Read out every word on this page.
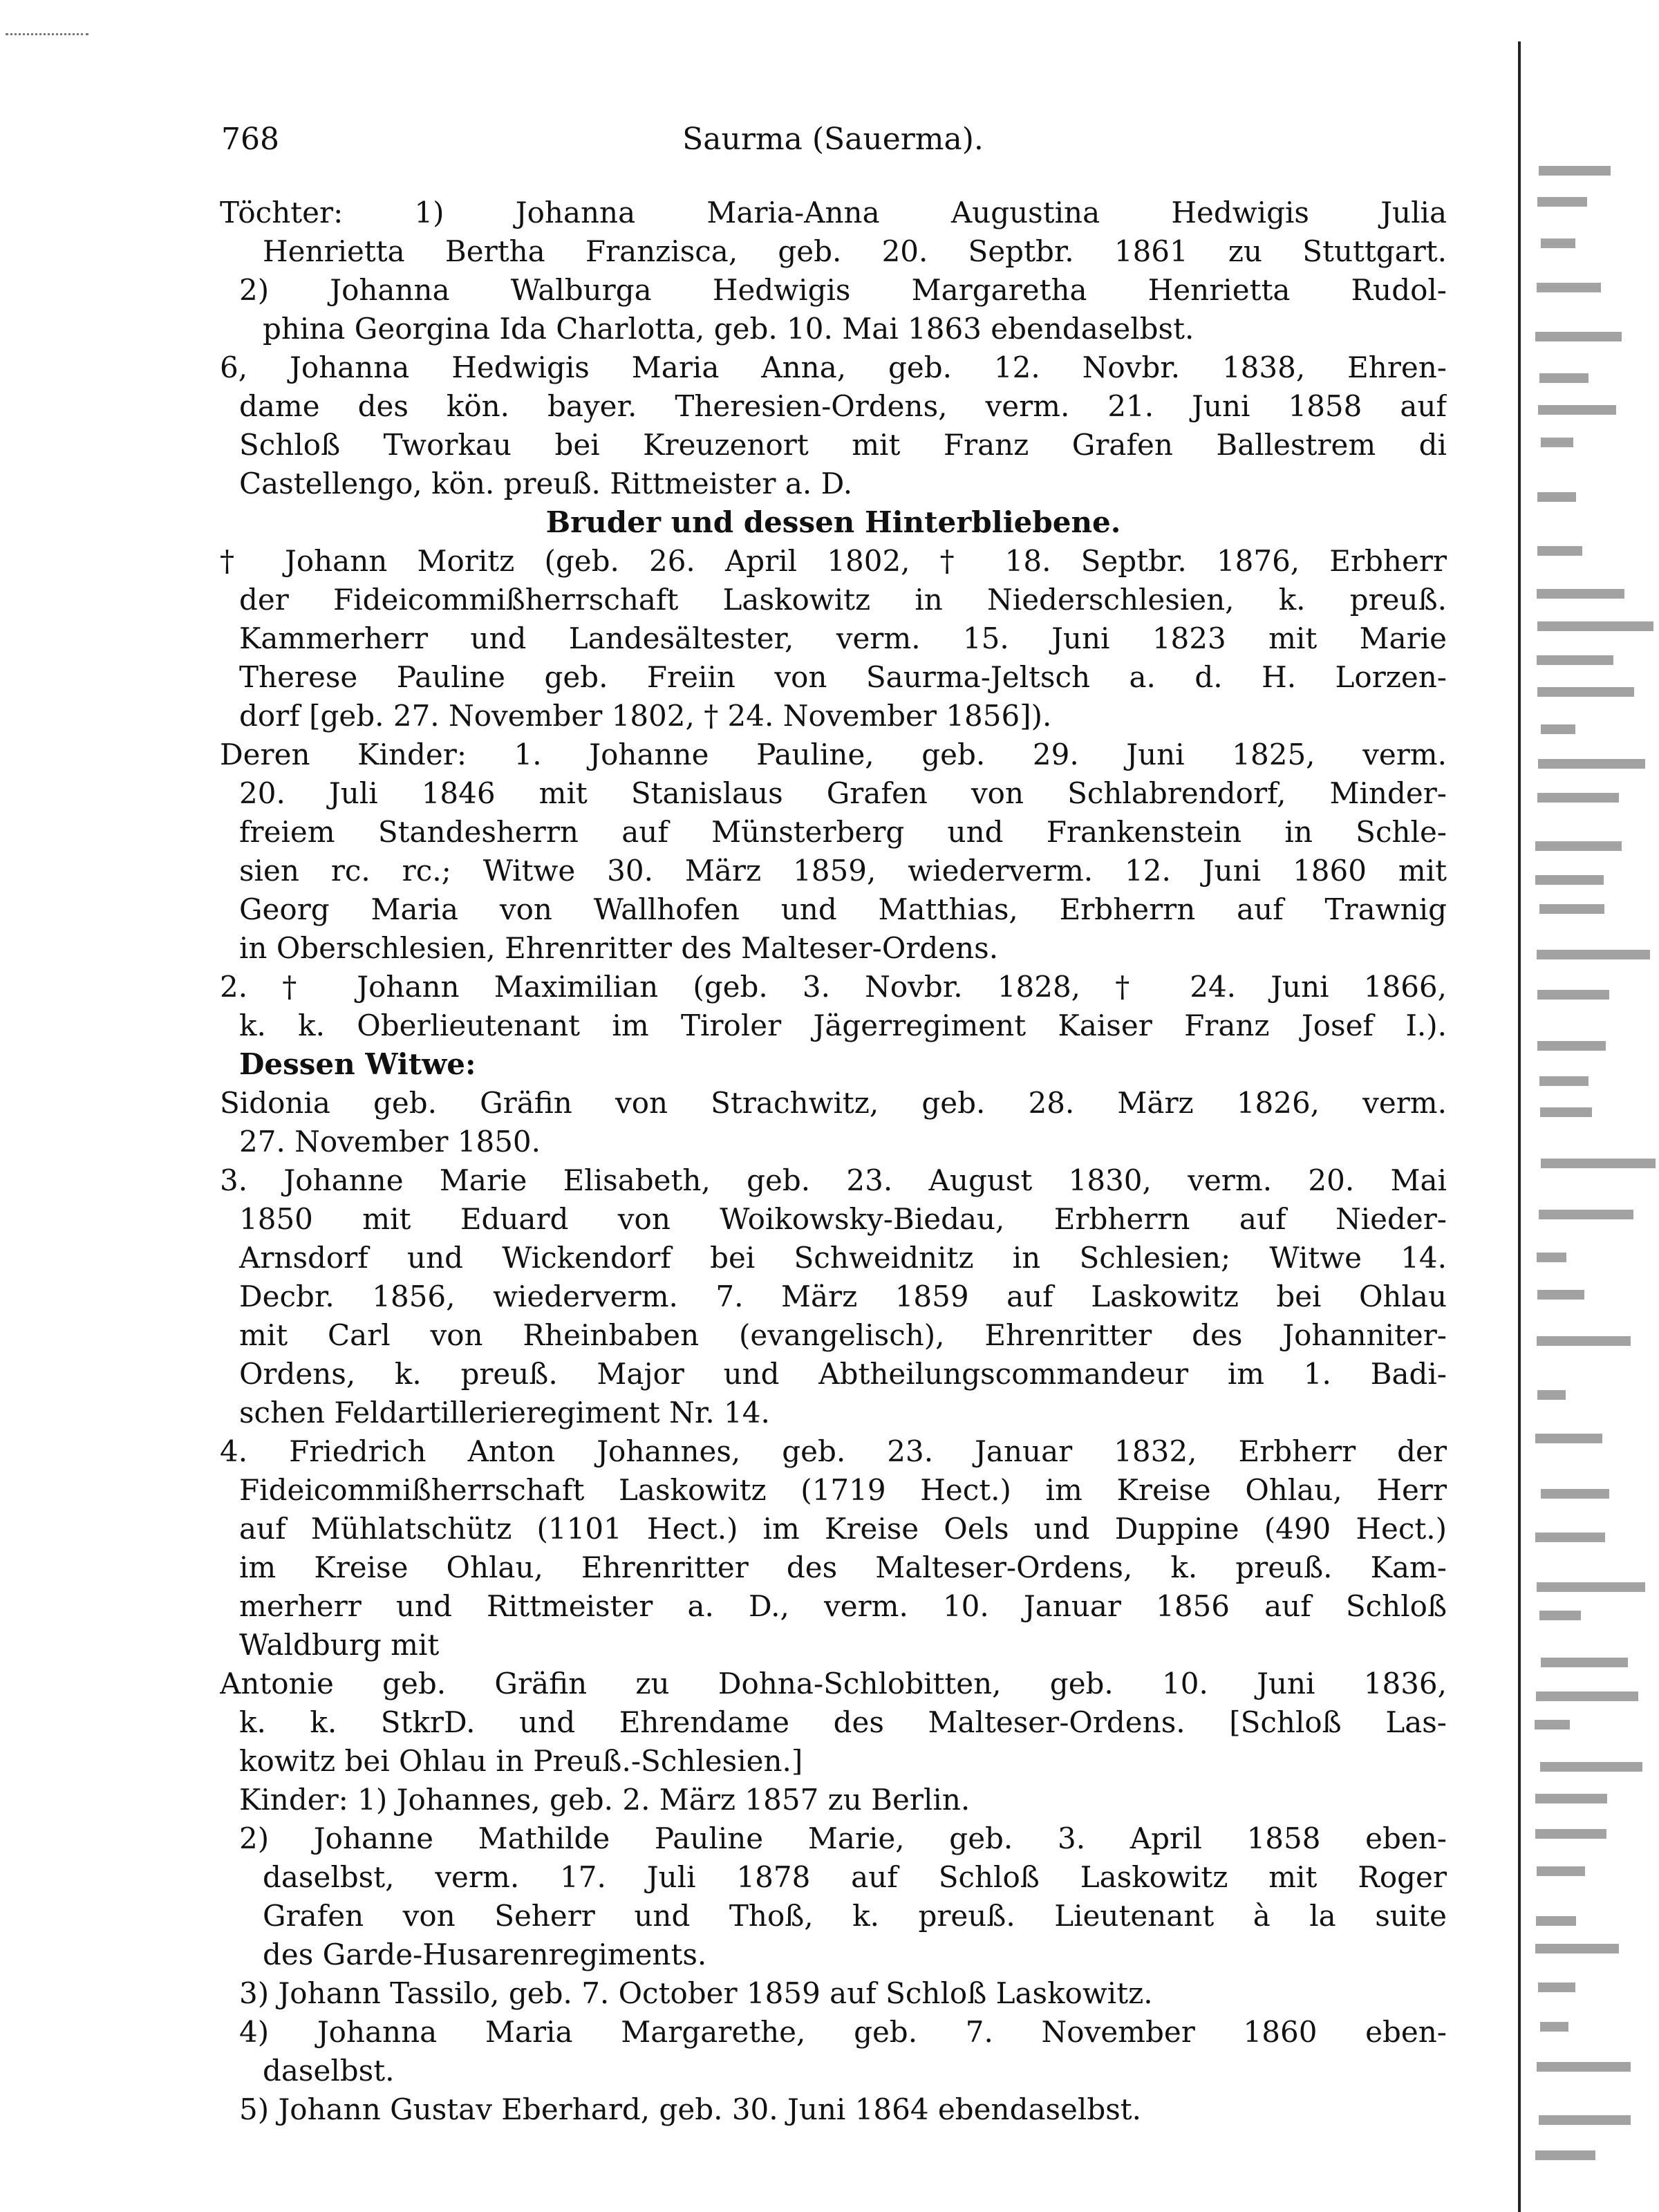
768	Saurma (Sauerma).
Töchter: 1) Johanna Maria-Anna Augustina Hedwigis Julia
Henrietta Bertha Franzisca, geb. 20. Septbr. 1861 zu Stuttgart.
2) Johanna Walburga Hedwigis Margaretha Henrietta Rudol-
phina Georgina Ida Charlotta, geb. 10. Mai 1863 ebendaselbst.
6, Johanna Hedwigis Maria Anna, geb. 12. Novbr. 1838, Ehren-
dame des kön. bayer. Theresien-Ordens, verm. 21. Juni 1858 auf
Schloß Tworkau bei Kreuzenort mit Franz Grafen Ballestrem di
Castellengo, kön. preuß. Rittmeister a. D.
Bruder und dessen Hinterbliebene.
† Johann Moritz (geb. 26. April 1802, † 18. Septbr. 1876, Erbherr
der Fideicommißherrschaft Laskowitz in Niederschlesien, k. preuß.
Kammerherr und Landesältester, verm. 15. Juni 1823 mit Marie
Therese Pauline geb. Freiin von Saurma-Jeltsch a. d. H. Lorzen-
dorf [geb. 27. November 1802, † 24. November 1856]).
Deren Kinder: 1. Johanne Pauline, geb. 29. Juni 1825, verm.
20. Juli 1846 mit Stanislaus Grafen von Schlabrendorf, Minder-
freiem Standesherrn auf Münsterberg und Frankenstein in Schle-
sien rc. rc.; Witwe 30. März 1859, wiederverm. 12. Juni 1860 mit
Georg Maria von Wallhofen und Matthias, Erbherrn auf Trawnig
in Oberschlesien, Ehrenritter des Malteser-Ordens.
2. † Johann Maximilian (geb. 3. Novbr. 1828, † 24. Juni 1866,
k. k. Oberlieutenant im Tiroler Jägerregiment Kaiser Franz Josef I.).
Dessen Witwe:
Sidonia geb. Gräfin von Strachwitz, geb. 28. März 1826, verm.
27. November 1850.
3. Johanne Marie Elisabeth, geb. 23. August 1830, verm. 20. Mai
1850 mit Eduard von Woikowsky-Biedau, Erbherrn auf Nieder-
Arnsdorf und Wickendorf bei Schweidnitz in Schlesien; Witwe 14.
Decbr. 1856, wiederverm. 7. März 1859 auf Laskowitz bei Ohlau
mit Carl von Rheinbaben (evangelisch), Ehrenritter des Johanniter-
Ordens, k. preuß. Major und Abtheilungscommandeur im 1. Badi-
schen Feldartillerieregiment Nr. 14.
4. Friedrich Anton Johannes, geb. 23. Januar 1832, Erbherr der
Fideicommißherrschaft Laskowitz (1719 Hect.) im Kreise Ohlau, Herr
auf Mühlatschütz (1101 Hect.) im Kreise Oels und Duppine (490 Hect.)
im Kreise Ohlau, Ehrenritter des Malteser-Ordens, k. preuß. Kam-
merherr und Rittmeister a. D., verm. 10. Januar 1856 auf Schloß
Waldburg mit
Antonie geb. Gräfin zu Dohna-Schlobitten, geb. 10. Juni 1836,
k. k. StkrD. und Ehrendame des Malteser-Ordens. [Schloß Las-
kowitz bei Ohlau in Preuß.-Schlesien.]
Kinder: 1) Johannes, geb. 2. März 1857 zu Berlin.
2) Johanne Mathilde Pauline Marie, geb. 3. April 1858 eben-
daselbst, verm. 17. Juli 1878 auf Schloß Laskowitz mit Roger
Grafen von Seherr und Thoß, k. preuß. Lieutenant à la suite
des Garde-Husarenregiments.
3) Johann Tassilo, geb. 7. October 1859 auf Schloß Laskowitz.
4) Johanna Maria Margarethe, geb. 7. November 1860 eben-
daselbst.
5) Johann Gustav Eberhard, geb. 30. Juni 1864 ebendaselbst.
